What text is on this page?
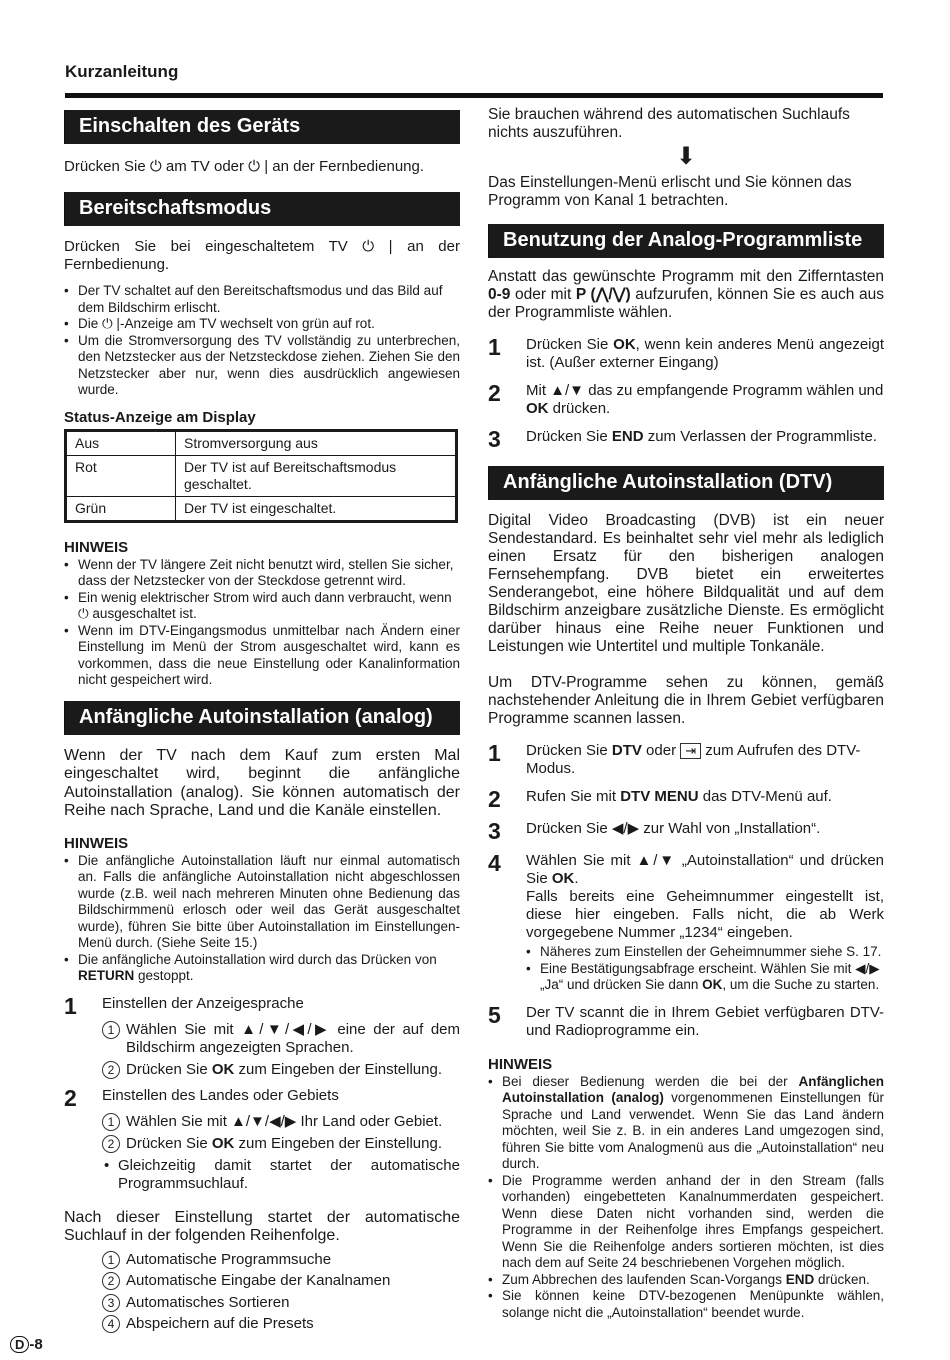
Kurzanleitung
Einschalten des Geräts

Drücken Sie ⏻ am TV oder ⏻ | an der Fernbedienung.

Bereitschaftsmodus

Drücken Sie bei eingeschaltetem TV ⏻ | an der Fernbedienung.

• Der TV schaltet auf den Bereitschaftsmodus und das Bild auf dem Bildschirm erlischt.
• Die ⏻ |-Anzeige am TV wechselt von grün auf rot.
• Um die Stromversorgung des TV vollständig zu unterbrechen, den Netzstecker aus der Netzsteckdose ziehen. Ziehen Sie den Netzstecker aber nur, wenn dies ausdrücklich angewiesen wurde.

Status-Anzeige am Display

Aus	Stromversorgung aus
Rot	Der TV ist auf Bereitschaftsmodus geschaltet.
Grün	Der TV ist eingeschaltet.

HINWEIS

• Wenn der TV längere Zeit nicht benutzt wird, stellen Sie sicher, dass der Netzstecker von der Steckdose getrennt wird.
• Ein wenig elektrischer Strom wird auch dann verbraucht, wenn ⏻ ausgeschaltet ist.
• Wenn im DTV-Eingangsmodus unmittelbar nach Ändern einer Einstellung im Menü der Strom ausgeschaltet wird, kann es vorkommen, dass die neue Einstellung oder Kanalinformation nicht gespeichert wird.
Anfängliche Autoinstallation (analog)

Wenn der TV nach dem Kauf zum ersten Mal eingeschaltet wird, beginnt die anfängliche Autoinstallation (analog). Sie können automatisch der Reihe nach Sprache, Land und die Kanäle einstellen.

HINWEIS

• Die anfängliche Autoinstallation läuft nur einmal automatisch an. Falls die anfängliche Autoinstallation nicht abgeschlossen wurde (z.B. weil nach mehreren Minuten ohne Bedienung das Bildschirmmenü erlosch oder weil das Gerät ausgeschaltet wurde), führen Sie bitte über Autoinstallation im Einstellungen-Menü durch. (Siehe Seite 15.)
• Die anfängliche Autoinstallation wird durch das Drücken von RETURN gestoppt.
1	Einstellen der Anzeigesprache
1 Wählen Sie mit ▲/▼/◀/▶ eine der auf dem Bildschirm angezeigten Sprachen.
2 Drücken Sie OK zum Eingeben der Einstellung.
2	Einstellen des Landes oder Gebiets
1 Wählen Sie mit ▲/▼/◀/▶ Ihr Land oder Gebiet.
2 Drücken Sie OK zum Eingeben der Einstellung.
• Gleichzeitig damit startet der automatische Programmsuchlauf.

Nach dieser Einstellung startet der automatische Suchlauf in der folgenden Reihenfolge.

1 Automatische Programmsuche
2 Automatische Eingabe der Kanalnamen
3 Automatisches Sortieren
4 Abspeichern auf die Presets

Sie brauchen während des automatischen Suchlaufs nichts auszuführen.

⬇

Das Einstellungen-Menü erlischt und Sie können das Programm von Kanal 1 betrachten.

Benutzung der Analog-Programmliste

Anstatt das gewünschte Programm mit den Zifferntasten 0-9 oder mit P (⋀/⋁) aufzurufen, können Sie es auch aus der Programmliste wählen.

1	Drücken Sie OK, wenn kein anderes Menü angezeigt ist. (Außer externer Eingang)
2	Mit ▲/▼ das zu empfangende Programm wählen und OK drücken.
3	Drücken Sie END zum Verlassen der Programmliste.
Anfängliche Autoinstallation (DTV)

Digital Video Broadcasting (DVB) ist ein neuer Sendestandard. Es beinhaltet sehr viel mehr als lediglich einen Ersatz für den bisherigen analogen Fernsehempfang. DVB bietet ein erweitertes Senderangebot, eine höhere Bildqualität und auf dem Bildschirm anzeigbare zusätzliche Dienste. Es ermöglicht darüber hinaus eine Reihe neuer Funktionen und Leistungen wie Untertitel und multiple Tonkanäle.

Um DTV-Programme sehen zu können, gemäß nachstehender Anleitung die in Ihrem Gebiet verfügbaren Programme scannen lassen.

1	Drücken Sie DTV oder ⇥ zum Aufrufen des DTV-Modus.
2	Rufen Sie mit DTV MENU das DTV-Menü auf.
3	Drücken Sie ◀/▶ zur Wahl von „Installation“.
4	Wählen Sie mit ▲/▼ „Autoinstallation“ und drücken Sie OK.
Falls bereits eine Geheimnummer eingestellt ist, diese hier eingeben. Falls nicht, die ab Werk vorgegebene Nummer „1234“ eingeben.
• Näheres zum Einstellen der Geheimnummer siehe S. 17.
• Eine Bestätigungsabfrage erscheint. Wählen Sie mit ◀/▶ „Ja“ und drücken Sie dann OK, um die Suche zu starten.
5	Der TV scannt die in Ihrem Gebiet verfügbaren DTV- und Radioprogramme ein.

HINWEIS

• Bei dieser Bedienung werden die bei der Anfänglichen Autoinstallation (analog) vorgenommenen Einstellungen für Sprache und Land verwendet. Wenn Sie das Land ändern möchten, weil Sie z. B. in ein anderes Land umgezogen sind, führen Sie bitte vom Analogmenü aus die „Autoinstallation“ neu durch.
• Die Programme werden anhand der in den Stream (falls vorhanden) eingebetteten Kanalnummerdaten gespeichert. Wenn diese Daten nicht vorhanden sind, werden die Programme in der Reihenfolge ihres Empfangs gespeichert. Wenn Sie die Reihenfolge anders sortieren möchten, ist dies nach dem auf Seite 24 beschriebenen Vorgehen möglich.
• Zum Abbrechen des laufenden Scan-Vorgangs END drücken.
• Sie können keine DTV-bezogenen Menüpunkte wählen, solange nicht die „Autoinstallation“ beendet wurde.
D -8
